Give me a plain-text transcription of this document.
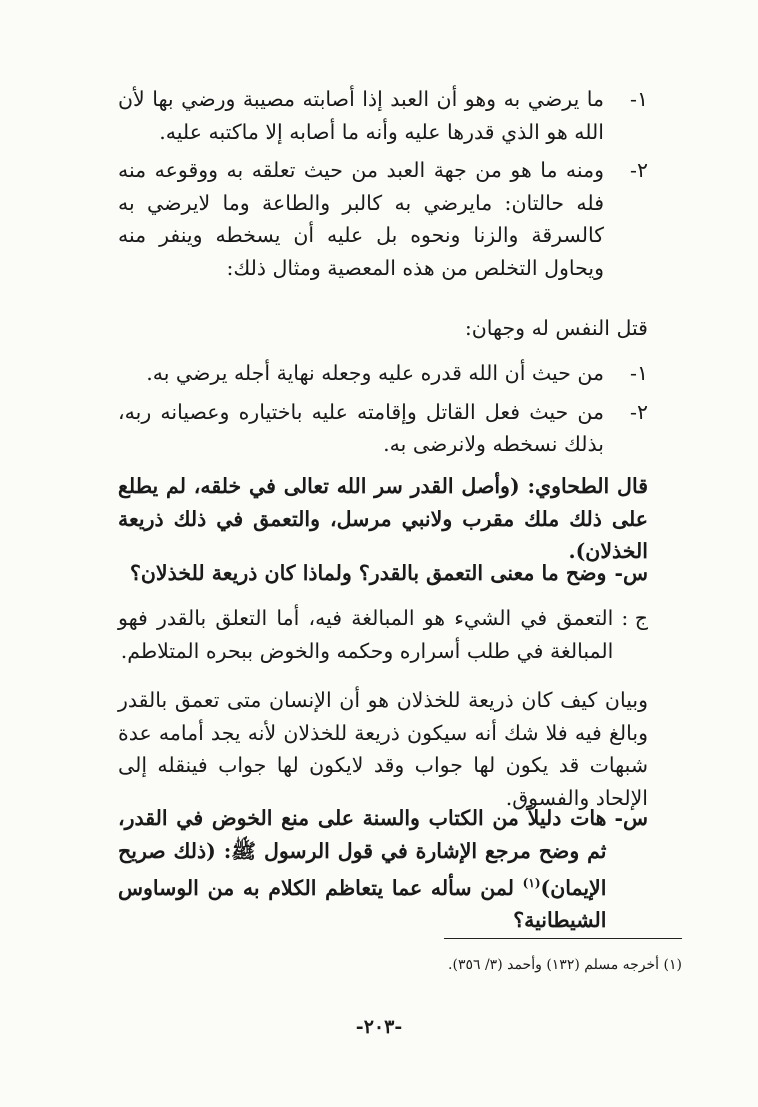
١-
ما يرضي به وهو أن العبد إذا أصابته مصيبة ورضي بها لأن الله هو الذي قدرها عليه وأنه ما أصابه إلا ماكتبه عليه.
٢-
ومنه ما هو من جهة العبد من حيث تعلقه به ووقوعه منه فله حالتان: مايرضي به كالبر والطاعة وما لايرضي به كالسرقة والزنا ونحوه بل عليه أن يسخطه وينفر منه ويحاول التخلص من هذه المعصية ومثال ذلك:
قتل النفس له وجهان:
١-
من حيث أن الله قدره عليه وجعله نهاية أجله يرضي به.
٢-
من حيث فعل القاتل وإقامته عليه باختياره وعصيانه ربه، بذلك نسخطه ولانرضى به.
قال الطحاوي: (وأصل القدر سر الله تعالى في خلقه، لم يطلع على ذلك ملك مقرب ولانبي مرسل، والتعمق في ذلك ذريعة الخذلان).
س-
وضح ما معنى التعمق بالقدر؟ ولماذا كان ذريعة للخذلان؟
ج :
التعمق في الشيء هو المبالغة فيه، أما التعلق بالقدر فهو المبالغة في طلب أسراره وحكمه والخوض ببحره المتلاطم.
وبيان كيف كان ذريعة للخذلان هو أن الإنسان متى تعمق بالقدر وبالغ فيه فلا شك أنه سيكون ذريعة للخذلان لأنه يجد أمامه عدة شبهات قد يكون لها جواب وقد لايكون لها جواب فينقله إلى الإلحاد والفسوق.
س-
هات دليلاً من الكتاب والسنة على منع الخوض في القدر، ثم وضح مرجع الإشارة في قول الرسول ﷺ: (ذلك صريح الإيمان)$^{(١)}$ لمن سأله عما يتعاظم الكلام به من الوساوس الشيطانية؟
(١) أخرجه مسلم (١٣٢) وأحمد (٣/ ٣٥٦).
-٢٠٣-
